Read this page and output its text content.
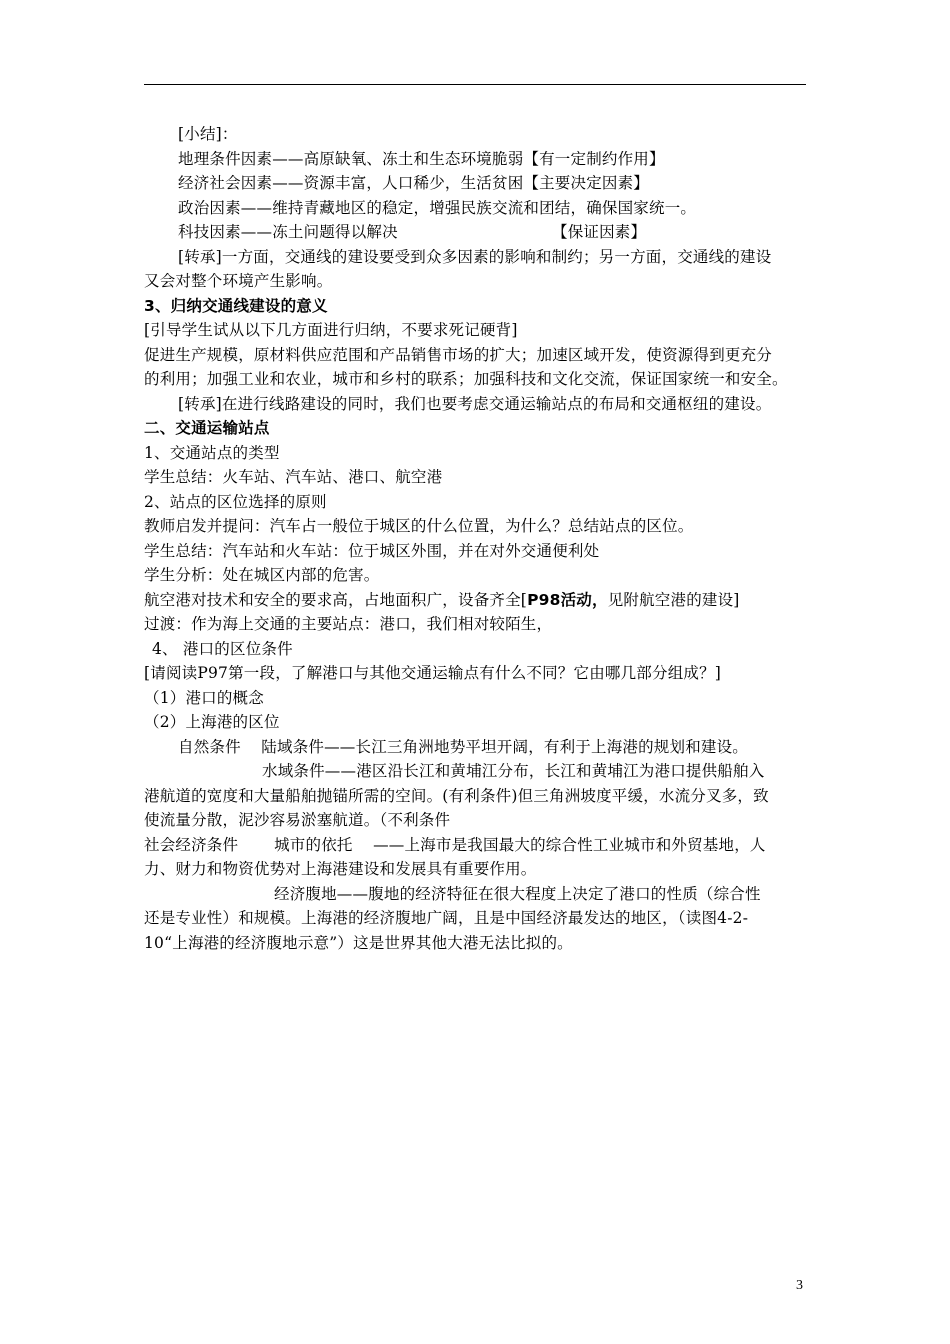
[小结]：

地理条件因素——高原缺氧、冻土和生态环境脆弱【有一定制约作用】

经济社会因素——资源丰富，人口稀少，生活贫困【主要决定因素】

政治因素——维持青藏地区的稳定，增强民族交流和团结，确保国家统一。

科技因素——冻土问题得以解决	【保证因素】

[转承]一方面，交通线的建设要受到众多因素的影响和制约；另一方面，交通线的建设

又会对整个环境产生影响。

3、归纳交通线建设的意义

[引导学生试从以下几方面进行归纳，不要求死记硬背]

促进生产规模，原材料供应范围和产品销售市场的扩大；加速区域开发，使资源得到更充分

的利用；加强工业和农业，城市和乡村的联系；加强科技和文化交流，保证国家统一和安全。

[转承]在进行线路建设的同时，我们也要考虑交通运输站点的布局和交通枢纽的建设。

二、交通运输站点

1、交通站点的类型

学生总结：火车站、汽车站、港口、航空港

2、站点的区位选择的原则

教师启发并提问：汽车占一般位于城区的什么位置，为什么？总结站点的区位。

学生总结：汽车站和火车站：位于城区外围，并在对外交通便利处

学生分析：处在城区内部的危害。

航空港对技术和安全的要求高，占地面积广，设备齐全[P98活动，见附航空港的建设]

过渡：作为海上交通的主要站点：港口，我们相对较陌生，

4、 港口的区位条件

[请阅读P97第一段，了解港口与其他交通运输点有什么不同？它由哪几部分组成？]

（1）港口的概念

（2）上海港的区位

自然条件    陆域条件——长江三角洲地势平坦开阔，有利于上海港的规划和建设。

水域条件——港区沿长江和黄埔江分布，长江和黄埔江为港口提供船舶入

港航道的宽度和大量船舶抛锚所需的空间。(有利条件)但三角洲坡度平缓，水流分叉多，致

使流量分散，泥沙容易淤塞航道。（不利条件

社会经济条件       城市的依托    ——上海市是我国最大的综合性工业城市和外贸基地，人

力、财力和物资优势对上海港建设和发展具有重要作用。

经济腹地——腹地的经济特征在很大程度上决定了港口的性质（综合性

还是专业性）和规模。上海港的经济腹地广阔，且是中国经济最发达的地区，（读图4-2-

10“上海港的经济腹地示意”）这是世界其他大港无法比拟的。

3
